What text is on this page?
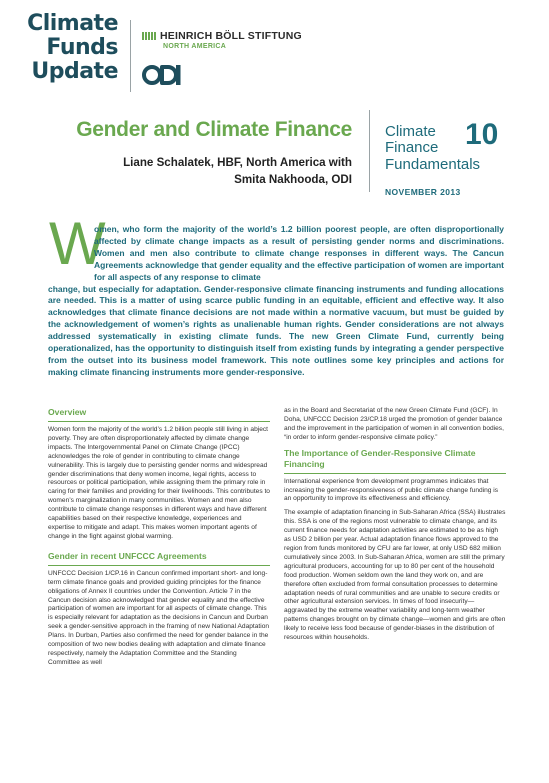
Climate
Funds
Update
HEINRICH BÖLL STIFTUNG
NORTH AMERICA
Gender and Climate Finance
Liane Schalatek, HBF, North America with
Smita Nakhooda, ODI
Climate
Finance 10
Fundamentals
NOVEMBER 2013
W
omen, who form the majority of the world’s 1.2 billion poorest people, are often disproportionally affected by climate change impacts as a result of persisting gender norms and discriminations. Women and men also contribute to climate change responses in different ways. The Cancun Agreements acknowledge that gender equality and the effective participation of women are important for all aspects of any response to climate
change, but especially for adaptation. Gender-responsive climate financing instruments and funding allocations are needed. This is a matter of using scarce public funding in an equitable, efficient and effective way. It also acknowledges that climate finance decisions are not made within a normative vacuum, but must be guided by the acknowledgement of women’s rights as unalienable human rights. Gender considerations are not always addressed systematically in existing climate funds. The new Green Climate Fund, currently being operationalized, has the opportunity to distinguish itself from existing funds by integrating a gender perspective from the outset into its business model framework. This note outlines some key principles and actions for making climate financing instruments more gender-responsive.
Overview

Women form the majority of the world’s 1.2 billion people still living in abject poverty. They are often disproportionately affected by climate change impacts. The Intergovernmental Panel on Climate Change (IPCC) acknowledges the role of gender in contributing to climate change vulnerability. This is largely due to persisting gender norms and widespread gender discriminations that deny women income, legal rights, access to resources or political participation, while assigning them the primary role in caring for their families and providing for their livelihoods. This contributes to women’s marginalization in many communities. Women and men also contribute to climate change responses in different ways and have different capabilities based on their respective knowledge, experiences and expertise to mitigate and adapt. This makes women important agents of change in the fight against global warming.

Gender in recent UNFCCC Agreements

UNFCCC Decision 1/CP.16 in Cancun confirmed important short- and long-term climate finance goals and provided guiding principles for the finance obligations of Annex II countries under the Convention. Article 7 in the Cancun decision also acknowledged that gender equality and the effective participation of women are important for all aspects of climate change. This is especially relevant for adaptation as the decisions in Cancun and Durban seek a gender-sensitive approach in the framing of new National Adaptation Plans. In Durban, Parties also confirmed the need for gender balance in the composition of two new bodies dealing with adaptation and climate finance respectively, namely the Adaptation Committee and the Standing Committee as well

as in the Board and Secretariat of the new Green Climate Fund (GCF). In Doha, UNFCCC Decision 23/CP.18 urged the promotion of gender balance and the improvement in the participation of women in all convention bodies, “in order to inform gender-responsive climate policy.”

The Importance of Gender-Responsive Climate Financing

International experience from development programmes indicates that increasing the gender-responsiveness of public climate change funding is an opportunity to improve its effectiveness and efficiency.

The example of adaptation financing in Sub-Saharan Africa (SSA) illustrates this. SSA is one of the regions most vulnerable to climate change, and its current finance needs for adaptation activities are estimated to be as high as USD 2 billion per year. Actual adaptation finance flows approved to the region from funds monitored by CFU are far lower, at only USD 682 million cumulatively since 2003. In Sub-Saharan Africa, women are still the primary agricultural producers, accounting for up to 80 per cent of the household food production. Women seldom own the land they work on, and are therefore often excluded from formal consultation processes to determine adaptation needs of rural communities and are unable to secure credits or other agricultural extension services. In times of food insecurity—aggravated by the extreme weather variability and long-term weather patterns changes brought on by climate change—women and girls are often likely to receive less food because of gender-biases in the distribution of resources within households.
